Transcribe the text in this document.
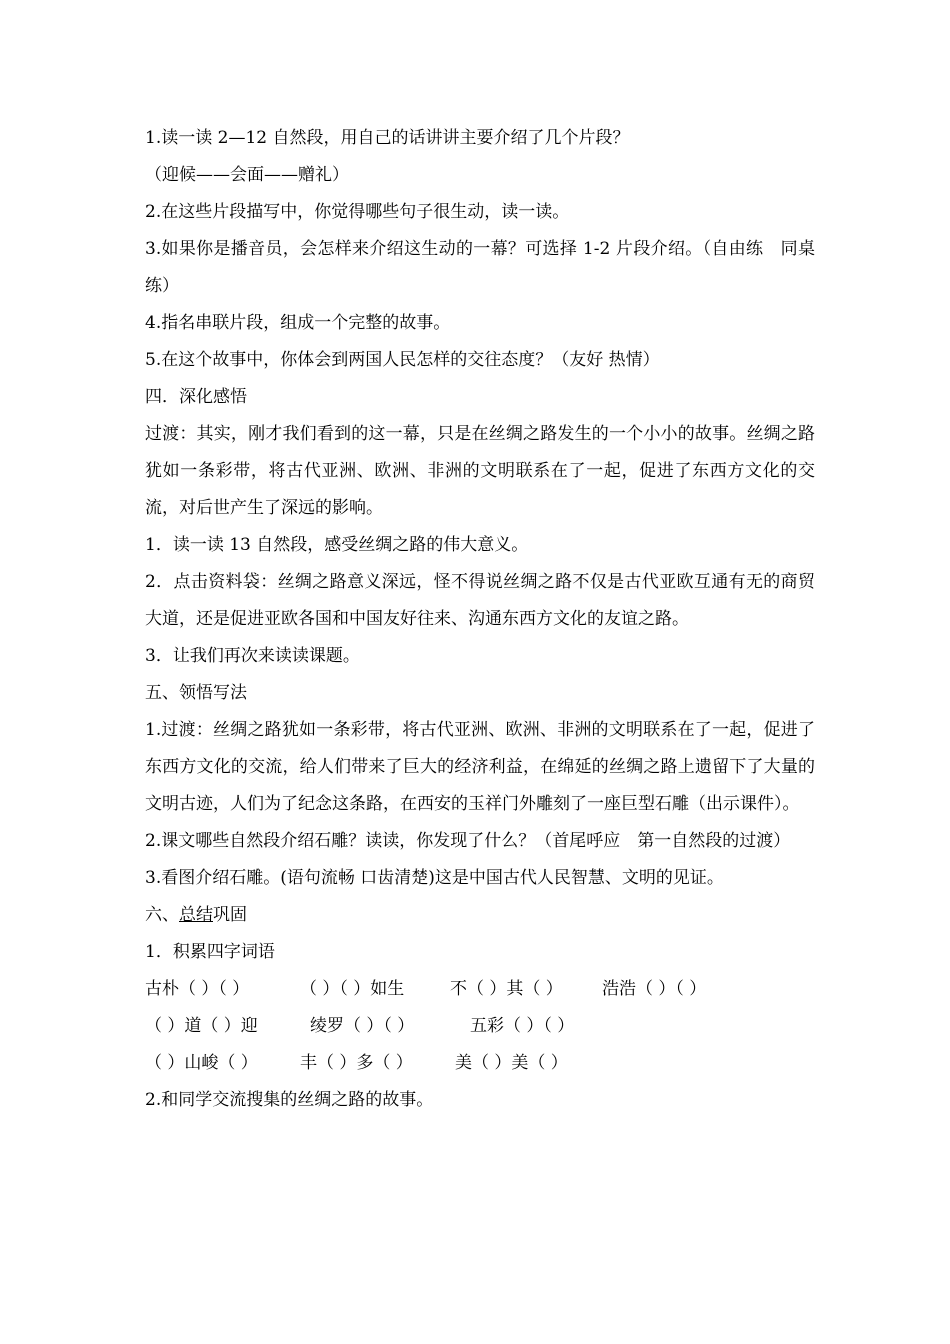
1.读一读 2—12 自然段，用自己的话讲讲主要介绍了几个片段？
（迎候——会面——赠礼）
2.在这些片段描写中，你觉得哪些句子很生动，读一读。
3.如果你是播音员，会怎样来介绍这生动的一幕？可选择 1-2 片段介绍。（自由练　同桌练）
4.指名串联片段，组成一个完整的故事。
5.在这个故事中，你体会到两国人民怎样的交往态度？（友好 热情）
四．深化感悟
过渡：其实，刚才我们看到的这一幕，只是在丝绸之路发生的一个小小的故事。丝绸之路犹如一条彩带，将古代亚洲、欧洲、非洲的文明联系在了一起，促进了东西方文化的交流，对后世产生了深远的影响。
1．读一读 13 自然段，感受丝绸之路的伟大意义。
2．点击资料袋：丝绸之路意义深远，怪不得说丝绸之路不仅是古代亚欧互通有无的商贸大道，还是促进亚欧各国和中国友好往来、沟通东西方文化的友谊之路。
3．让我们再次来读读课题。
五、领悟写法
1.过渡：丝绸之路犹如一条彩带，将古代亚洲、欧洲、非洲的文明联系在了一起，促进了东西方文化的交流，给人们带来了巨大的经济利益，在绵延的丝绸之路上遗留下了大量的文明古迹，人们为了纪念这条路，在西安的玉祥门外雕刻了一座巨型石雕（出示课件）。
2.课文哪些自然段介绍石雕？读读，你发现了什么？（首尾呼应　第一自然段的过渡）
3.看图介绍石雕。(语句流畅 口齿清楚)这是中国古代人民智慧、文明的见证。
六、总结巩固
1．积累四字词语
古朴（ ）（ ）	（ ）（ ）如生	不（ ）其（ ） 浩浩（ ）（ ）
（ ）道（ ）迎	绫罗（ ）（ ）	五彩（ ）（ ）
（ ）山峻（ ） 丰（ ）多（ ） 美（ ）美（ ）
2.和同学交流搜集的丝绸之路的故事。
